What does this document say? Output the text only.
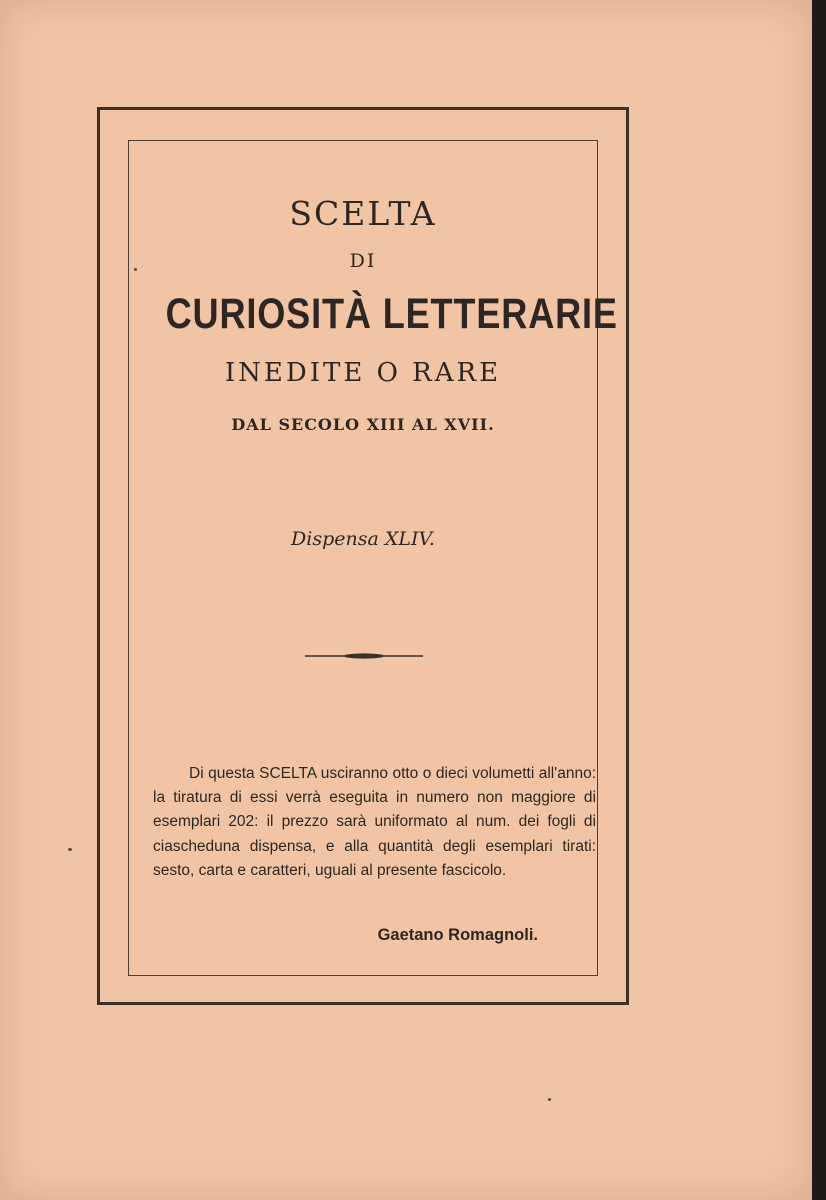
SCELTA
DI
CURIOSITÀ LETTERARIE
INEDITE O RARE
DAL SECOLO XIII AL XVII.
Dispensa XLIV.
Di questa SCELTA usciranno otto o dieci volumetti all'anno: la tiratura di essi verrà eseguita in numero non maggiore di esemplari 202: il prezzo sarà uniformato al num. dei fogli di ciascheduna dispensa, e alla quantità degli esemplari tirati: sesto, carta e caratteri, uguali al presente fascicolo.
Gaetano Romagnoli.
